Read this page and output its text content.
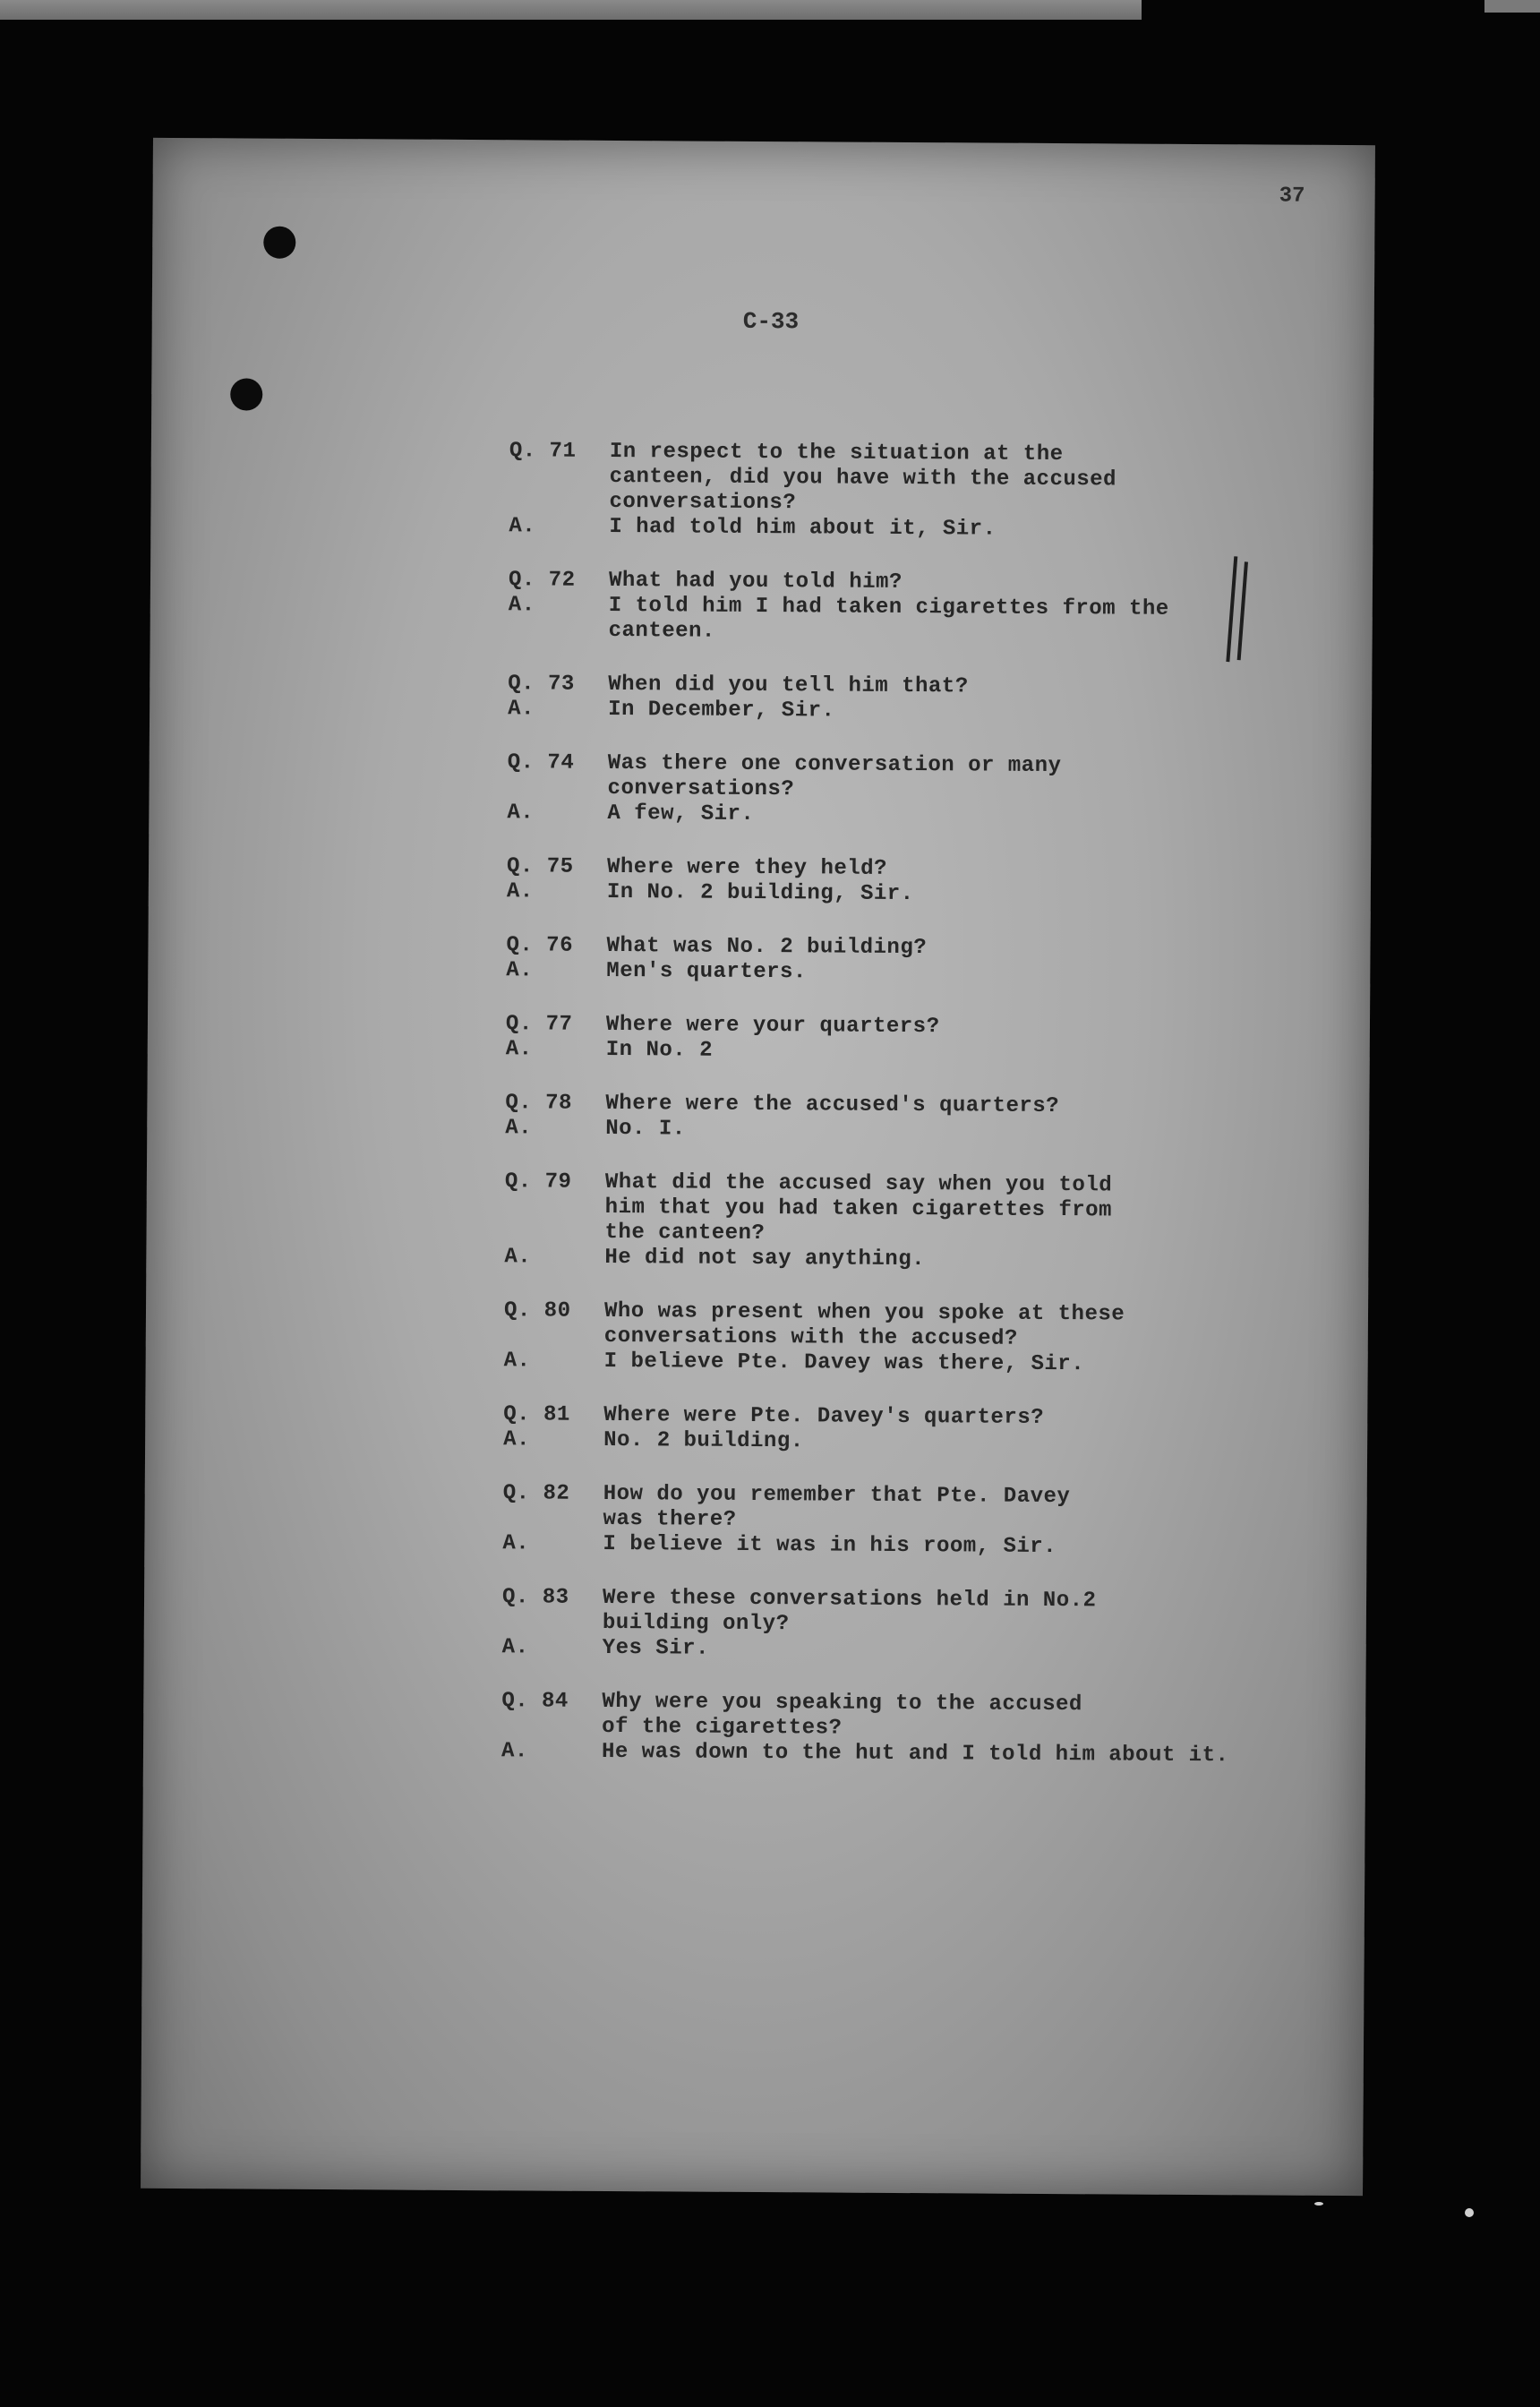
37
C-33
Q. 71	In respect to the situation at the
canteen, did you have with the accused
conversations?
A.	I had told him about it, Sir.
Q. 72	What had you told him?
A.	I told him I had taken cigarettes from the
canteen.
Q. 73	When did you tell him that?
A.	In December, Sir.
Q. 74	Was there one conversation or many
conversations?
A.	A few, Sir.
Q. 75	Where were they held?
A.	In No. 2 building, Sir.
Q. 76	What was No. 2 building?
A.	Men's quarters.
Q. 77	Where were your quarters?
A.	In No. 2
Q. 78	Where were the accused's quarters?
A.	No. I.
Q. 79	What did the accused say when you told
him that you had taken cigarettes from
the canteen?
A.	He did not say anything.
Q. 80	Who was present when you spoke at these
conversations with the accused?
A.	I believe Pte. Davey was there, Sir.
Q. 81	Where were Pte. Davey's quarters?
A.	No. 2 building.
Q. 82	How do you remember that Pte. Davey
was there?
A.	I believe it was in his room, Sir.
Q. 83	Were these conversations held in No.2
building only?
A.	Yes Sir.
Q. 84	Why were you speaking to the accused
of the cigarettes?
A.	He was down to the hut and I told him about it.
